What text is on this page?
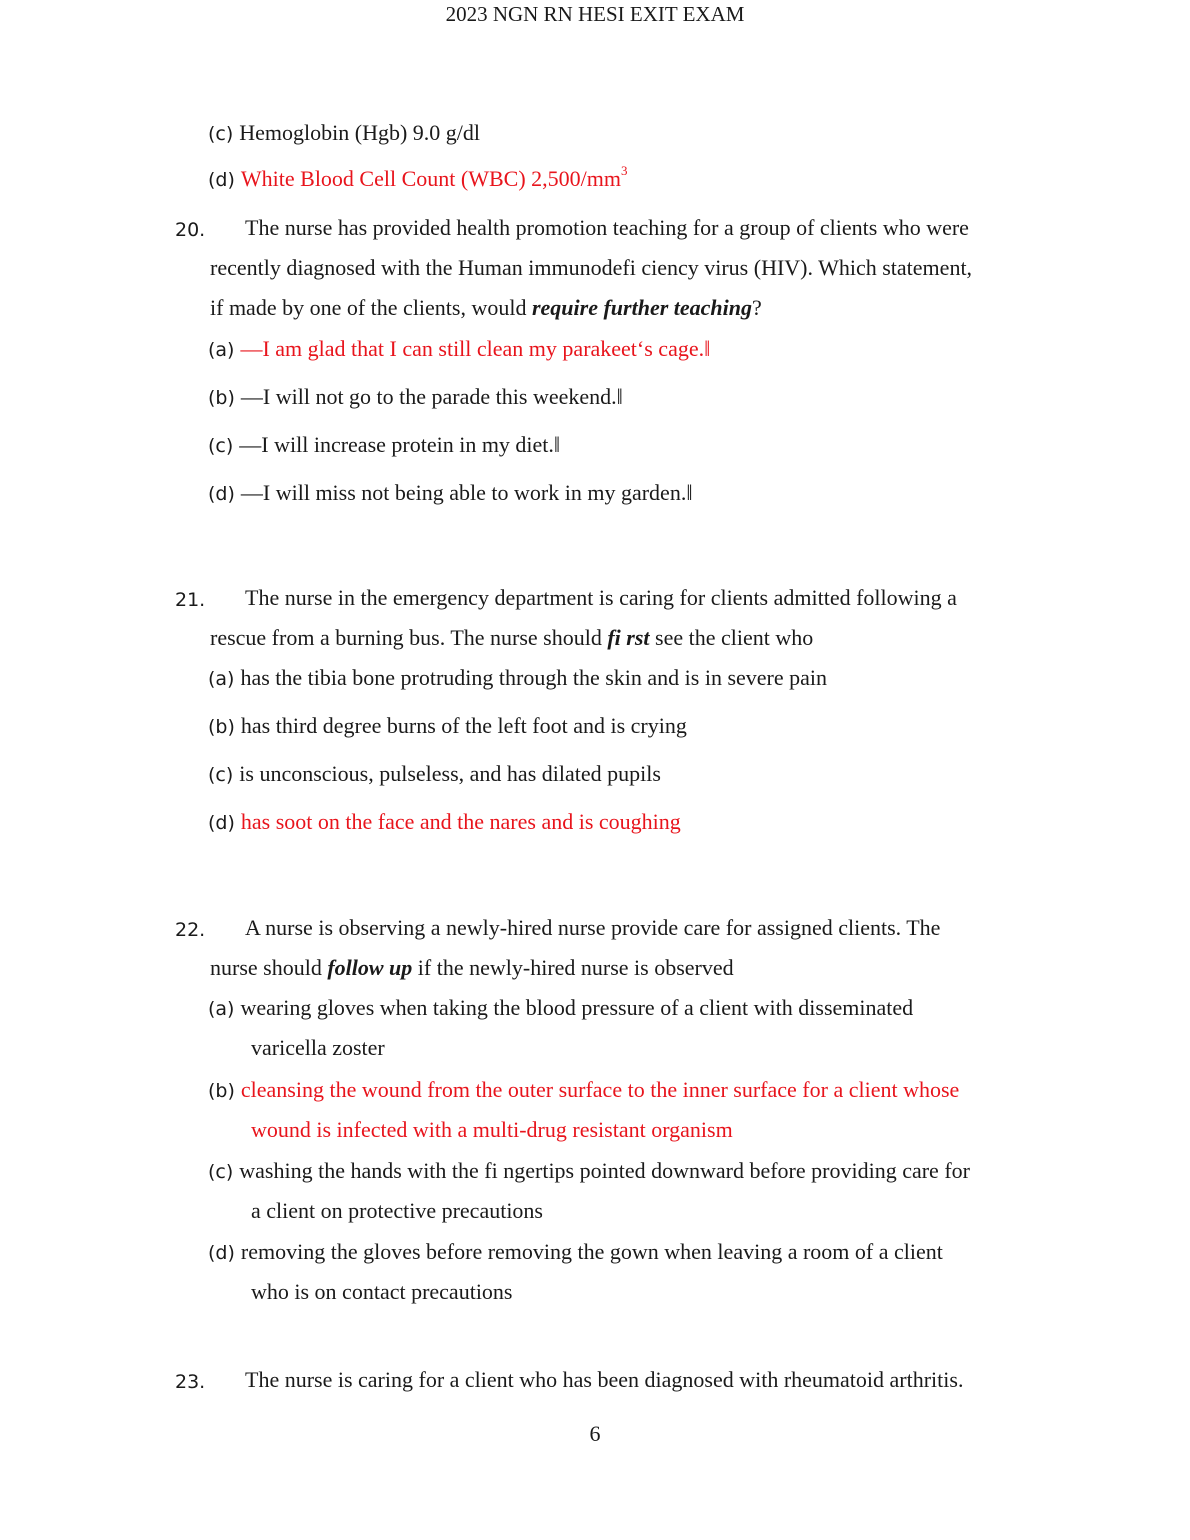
2023 NGN RN HESI EXIT EXAM
(c) Hemoglobin (Hgb) 9.0 g/dl
(d) White Blood Cell Count (WBC) $2,500/mm^3$
20. The nurse has provided health promotion teaching for a group of clients who were
recently diagnosed with the Human immunodefi ciency virus (HIV). Which statement,
if made by one of the clients, would require further teaching?
(a) —I am glad that I can still clean my parakeet‘s cage.‖
(b) —I will not go to the parade this weekend.‖
(c) —I will increase protein in my diet.‖
(d) —I will miss not being able to work in my garden.‖
21. The nurse in the emergency department is caring for clients admitted following a
rescue from a burning bus. The nurse should fi rst see the client who
(a) has the tibia bone protruding through the skin and is in severe pain
(b) has third degree burns of the left foot and is crying
(c) is unconscious, pulseless, and has dilated pupils
(d) has soot on the face and the nares and is coughing
22. A nurse is observing a newly-hired nurse provide care for assigned clients. The
nurse should follow up if the newly-hired nurse is observed
(a) wearing gloves when taking the blood pressure of a client with disseminated
varicella zoster
(b) cleansing the wound from the outer surface to the inner surface for a client whose
wound is infected with a multi-drug resistant organism
(c) washing the hands with the fi ngertips pointed downward before providing care for
a client on protective precautions
(d) removing the gloves before removing the gown when leaving a room of a client
who is on contact precautions
23. The nurse is caring for a client who has been diagnosed with rheumatoid arthritis.
6
